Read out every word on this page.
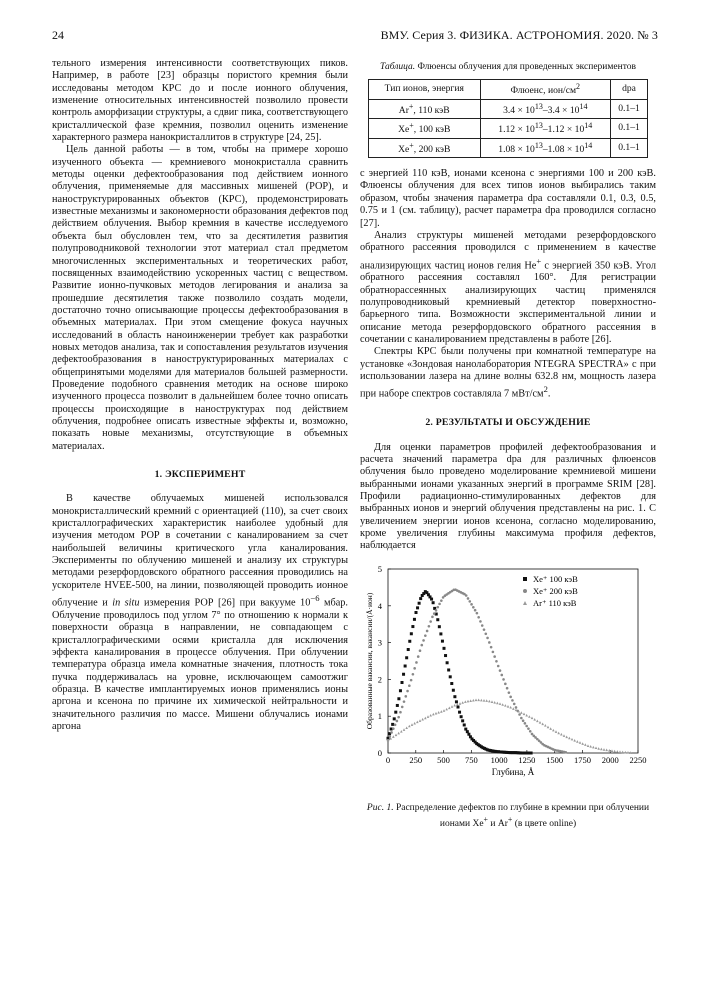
24	ВМУ. Серия 3. ФИЗИКА. АСТРОНОМИЯ. 2020. № 3

тельного измерения интенсивности соответствующих пиков. Например, в работе [23] образцы пористого кремния были исследованы методом КРС до и после ионного облучения, изменение относительных интенсивностей позволило провести контроль аморфизации структуры, а сдвиг пика, соответствующего кристаллической фазе кремния, позволил оценить изменение характерного размера нанокристаллитов в структуре [24, 25].

Цель данной работы — в том, чтобы на примере хорошо изученного объекта — кремниевого монокристалла сравнить методы оценки дефектообразования под действием ионного облучения, применяемые для массивных мишеней (РОР), и наноструктурированных объектов (КРС), продемонстрировать известные механизмы и закономерности образования дефектов под действием облучения. Выбор кремния в качестве исследуемого объекта был обусловлен тем, что за десятилетия развития полупроводниковой технологии этот материал стал предметом многочисленных экспериментальных и теоретических работ, посвященных взаимодействию ускоренных частиц с веществом. Развитие ионно-пучковых методов легирования и анализа за прошедшие десятилетия также позволило создать модели, достаточно точно описывающие процессы дефектообразования в объемных материалах. При этом смещение фокуса научных исследований в область наноинженерии требует как разработки новых методов анализа, так и сопоставления результатов изучения дефектообразования в наноструктурированных материалах с общепринятыми моделями для материалов большей размерности. Проведение подобного сравнения методик на основе широко изученного процесса позволит в дальнейшем более точно описать процессы происходящие в наноструктурах под действием облучения, подробнее описать известные эффекты и, возможно, показать новые механизмы, отсутствующие в объемных материалах.

1. ЭКСПЕРИМЕНТ

В качестве облучаемых мишеней использовался монокристаллический кремний с ориентацией (110), за счет своих кристаллографических характеристик наиболее удобный для изучения методом РОР в сочетании с каналированием за счет наибольшей величины критического угла каналирования. Эксперименты по облучению мишеней и анализу их структуры методами резерфордовского обратного рассеяния проводились на ускорителе HVEE-500, на линии, позволяющей проводить ионное облучение и in situ измерения РОР [26] при вакууме $10^{-6}$ мбар. Облучение проводилось под углом 7° по отношению к нормали к поверхности образца в направлении, не совпадающем с кристаллографическими осями кристалла для исключения эффекта каналирования в процессе облучения. При облучении температура образца имела комнатные значения, плотность тока пучка поддерживалась на уровне, исключающем самоотжиг образца. В качестве имплантируемых ионов применялись ионы аргона и ксенона по причине их химической нейтральности и значительного различия по массе. Мишени облучались ионами аргона

Таблица. Флюенсы облучения для проведенных экспериментов
Тип ионов, энергия	Флюенс, ион/$см^2$	dpa
Ar+, 110 кэВ	$3.4 \times 10^{13}-3.4 \times 10^{14}$	0.1–1
Xe+, 100 кэВ	$1.12 \times 10^{13}-1.12 \times 10^{14}$	0.1–1
Xe+, 200 кэВ	$1.08 \times 10^{13}-1.08 \times 10^{14}$	0.1–1

с энергией 110 кэВ, ионами ксенона с энергиями 100 и 200 кэВ. Флюенсы облучения для всех типов ионов выбирались таким образом, чтобы значения параметра dpa составляли 0.1, 0.3, 0.5, 0.75 и 1 (см. таблицу), расчет параметра dpa проводился согласно [27].

Анализ структуры мишеней методами резерфордовского обратного рассеяния проводился с применением в качестве анализирующих частиц ионов гелия He+ с энергией 350 кэВ. Угол обратного рассеяния составлял 160°. Для регистрации обратнорассеянных анализирующих частиц применялся полупроводниковый кремниевый детектор поверхностно-барьерного типа. Возможности экспериментальной линии и описание метода резерфордовского обратного рассеяния в сочетании с каналированием представлены в работе [26].

Спектры КРС были получены при комнатной температуре на установке «Зондовая нанолаборатория NTEGRA SPECTRA» с при использовании лазера на длине волны 632.8 нм, мощность лазера при наборе спектров составляла 7 мВт/$см^2$.

2. РЕЗУЛЬТАТЫ И ОБСУЖДЕНИЕ

Для оценки параметров профилей дефектообразования и расчета значений параметра dpa для различных флюенсов облучения было проведено моделирование кремниевой мишени выбранными ионами указанных энергий в программе SRIM [28]. Профили радиационно-стимулированных дефектов для выбранных ионов и энергий облучения представлены на рис. 1. С увеличением энергии ионов ксенона, согласно моделированию, кроме увеличения глубины максимума профиля дефектов, наблюдается

0 250 500 750 1000 1250 1500 1750 2000 2250
0
1
2
3
4
5
Глубина, Å
Образованные вакансии, вакансии/(Å·ион)
Xe⁺ 100 кэВ
Xe⁺ 200 кэВ
Ar⁺ 110 кэВ
Рис. 1. Распределение дефектов по глубине в кремнии при облучении ионами Xe+ и Ar+ (в цвете online)
